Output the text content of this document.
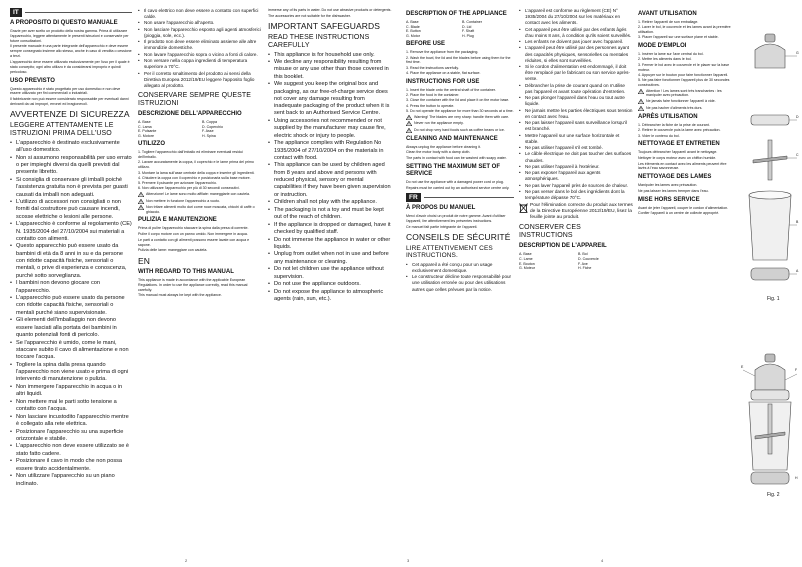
IT
A PROPOSITO DI QUESTO MANUALE

Grazie per aver scelto un prodotto della nostra gamma. Prima di utilizzare l'apparecchio, leggere attentamente le presenti istruzioni e conservarle per future consultazioni.

Il presente manuale è una parte integrante dell'apparecchio e deve essere sempre consegnato insieme allo stesso, anche in caso di vendita o cessione a terzi.

L'apparecchio deve essere utilizzato esclusivamente per l'uso per il quale è stato concepito; ogni altro utilizzo è da considerarsi improprio e quindi pericoloso.

USO PREVISTO

Questo apparecchio è stato progettato per uso domestico e non deve essere utilizzato per fini commerciali o industriali.

Il fabbricante non può essere considerato responsabile per eventuali danni derivanti da usi impropri, erronei ed irragionevoli.

AVVERTENZE DI SICUREZZA
LEGGERE ATTENTAMENTE LE ISTRUZIONI PRIMA DELL'USO
• L'apparecchio è destinato esclusivamente all'uso domestico.
• Non si assumono responsabilità per uso errato o per impieghi diversi da quelli previsti dal presente libretto.
• Si consiglia di conservare gli imballi poiché l'assistenza gratuita non è prevista per guasti causati da imballi non adeguati.
• L'utilizzo di accessori non consigliati o non forniti dal costruttore può causare incendi, scosse elettriche o lesioni alle persone.
• L'apparecchio è conforme al regolamento (CE) N. 1935/2004 del 27/10/2004 sui materiali a contatto con alimenti.
• Questo apparecchio può essere usato da bambini di età da 8 anni in su e da persone con ridotte capacità fisiche, sensoriali o mentali, o prive di esperienza e conoscenza, purché sotto sorveglianza.
• I bambini non devono giocare con l'apparecchio.
• L'apparecchio può essere usato da persone con ridotte capacità fisiche, sensoriali o mentali purché siano supervisionate.
• Gli elementi dell'imballaggio non devono essere lasciati alla portata dei bambini in quanto potenziali fonti di pericolo.
• Se l'apparecchio è umido, come le mani, staccare subito il cavo di alimentazione e non toccare l'acqua.
• Togliere la spina dalla presa quando l'apparecchio non viene usato e prima di ogni intervento di manutenzione o pulizia.
• Non immergere l'apparecchio in acqua o in altri liquidi.
• Non mettere mai le parti sotto tensione a contatto con l'acqua.
• Non lasciare incustodito l'apparecchio mentre è collegato alla rete elettrica.
• Posizionare l'apparecchio su una superficie orizzontale e stabile.
• L'apparecchio non deve essere utilizzato se è stato fatto cadere.
• Posizionare il cavo in modo che non possa essere tirato accidentalmente.
• Non utilizzare l'apparecchio su un piano inclinato.
• Il cavo elettrico non deve essere a contatto con superfici calde.
• Non usare l'apparecchio all'aperto.
• Non lasciare l'apparecchio esposto agli agenti atmosferici (pioggia, sole, ecc.).
• Il prodotto non deve essere eliminato assieme alle altre immondizie domestiche.
• Non lavare l'apparecchio sopra o vicino a fonti di calore.
• Non versare nella coppa ingredienti di temperatura superiore a 70°C.
• Per il corretto smaltimento del prodotto ai sensi della Direttiva Europea 2012/19/EU leggere l'apposito foglio allegato al prodotto.
CONSERVARE SEMPRE QUESTE ISTRUZIONI
DESCRIZIONE DELL'APPARECCHIO
A. Base	B. Coppa
C. Lama	D. Coperchio
E. Pulsante	F. Asse
G. Motore	H. Spina
UTILIZZO
1. Togliere l'apparecchio dall'imballo ed eliminare eventuali residui dell'imballo.
2. Lavare accuratamente la coppa, il coperchio e le lame prima del primo utilizzo.
3. Montare la lama sull'asse centrale della coppa e inserire gli ingredienti.
4. Chiudere la coppa con il coperchio e posizionarla sulla base motore.
5. Premere il pulsante per azionare l'apparecchio.
6. Non utilizzare l'apparecchio per più di 30 secondi consecutivi.
Attenzione! Le lame sono molto affilate: maneggiarle con cautela.
Non mettere in funzione l'apparecchio a vuoto.
Non tritare alimenti molto duri come noce moscata, chicchi di caffè o ghiaccio.
PULIZIA E MANUTENZIONE

Prima di pulire l'apparecchio staccare la spina dalla presa di corrente.

Pulire il corpo motore con un panno umido. Non immergere in acqua.

Le parti a contatto con gli alimenti possono essere lavate con acqua e sapone.

Pulizia delle lame: maneggiare con cautela.

EN
WITH REGARD TO THIS MANUAL

This appliance is made in accordance with the applicable European Regulations. In order to use the appliance correctly, read this manual carefully.

This manual must always be kept with the appliance.

immerse any of its parts in water. Do not use abrasive products or detergents.

The accessories are not suitable for the dishwasher.

IMPORTANT SAFEGUARDS
READ THESE INSTRUCTIONS CAREFULLY
• This appliance is for household use only.
• We decline any responsibility resulting from misuse or any use other than those covered in this booklet.
• We suggest you keep the original box and packaging, as our free-of-charge service does not cover any damage resulting from inadequate packaging of the product when it is sent back to an Authorised Service Centre.
• Using accessories not recommended or not supplied by the manufacturer may cause fire, electric shock or injury to people.
• The appliance complies with Regulation No 1935/2004 of 27/10/2004 on the materials in contact with food.
• This appliance can be used by children aged from 8 years and above and persons with reduced physical, sensory or mental capabilities if they have been given supervision or instruction.
• Children shall not play with the appliance.
• The packaging is not a toy and must be kept out of the reach of children.
• If the appliance is dropped or damaged, have it checked by qualified staff.
• Do not immerse the appliance in water or other liquids.
• Unplug from outlet when not in use and before any maintenance or cleaning.
• Do not let children use the appliance without supervision.
• Do not use the appliance outdoors.
• Do not expose the appliance to atmospheric agents (rain, sun, etc.).
2
DESCRIPTION OF THE APPLIANCE
A. Base	B. Container
C. Blade	D. Lid
E. Button	F. Shaft
G. Motor	H. Plug
BEFORE USE
1. Remove the appliance from the packaging.
2. Wash the bowl, the lid and the blades before using them for the first time.
3. Read the instructions carefully.
4. Place the appliance on a stable, flat surface.
INSTRUCTIONS FOR USE
1. Insert the blade onto the central shaft of the container.
2. Place the food in the container.
3. Close the container with the lid and place it on the motor base.
4. Press the button to operate.
5. Do not operate the appliance for more than 30 seconds at a time.
Warning! The blades are very sharp: handle them with care.
Never run the appliance empty.
Do not chop very hard foods such as coffee beans or ice.
CLEANING AND MAINTENANCE

Always unplug the appliance before cleaning it.

Clean the motor body with a damp cloth.

The parts in contact with food can be washed with soapy water.

SETTING THE MAXIMUM SET OF SERVICE

Do not use the appliance with a damaged power cord or plug.

Repairs must be carried out by an authorised service centre only.

FR
À PROPOS DU MANUEL

Merci d'avoir choisi un produit de notre gamme. Avant d'utiliser l'appareil, lire attentivement les présentes instructions.

Ce manuel fait partie intégrante de l'appareil.

CONSEILS DE SÉCURITÉ
LIRE ATTENTIVEMENT CES INSTRUCTIONS.
• Cet appareil a été conçu pour un usage exclusivement domestique.
• Le constructeur décline toute responsabilité pour une utilisation erronée ou pour des utilisations autres que celles prévues par la notice.
• L'appareil est conforme au règlement (CE) N° 1935/2004 du 27/10/2004 sur les matériaux en contact avec les aliments.
• Cet appareil peut être utilisé par des enfants âgés d'au moins 8 ans, à condition qu'ils soient surveillés.
• Les enfants ne doivent pas jouer avec l'appareil.
• L'appareil peut être utilisé par des personnes ayant des capacités physiques, sensorielles ou mentales réduites, si elles sont surveillées.
• Si le cordon d'alimentation est endommagé, il doit être remplacé par le fabricant ou son service après-vente.
• Débrancher la prise de courant quand on n'utilise pas l'appareil et avant toute opération d'entretien.
• Ne pas plonger l'appareil dans l'eau ou tout autre liquide.
• Ne jamais mettre les parties électriques sous tension en contact avec l'eau.
• Ne pas laisser l'appareil sans surveillance lorsqu'il est branché.
• Mettre l'appareil sur une surface horizontale et stable.
• Ne pas utiliser l'appareil s'il est tombé.
• Le câble électrique ne doit pas toucher des surfaces chaudes.
• Ne pas utiliser l'appareil à l'extérieur.
• Ne pas exposer l'appareil aux agents atmosphériques.
• Ne pas laver l'appareil près de sources de chaleur.
• Ne pas verser dans le bol des ingrédients dont la température dépasse 70°C.
Pour l'élimination correcte du produit aux termes de la Directive Européenne 2012/19/EU, lisez la feuille jointe au produit.
CONSERVER CES INSTRUCTIONS
DESCRIPTION DE L'APPAREIL
A. Base	B. Bol
C. Lame	D. Couvercle
E. Bouton	F. Axe
G. Moteur	H. Fiche
AVANT UTILISATION
1. Retirer l'appareil de son emballage.
2. Laver le bol, le couvercle et les lames avant la première utilisation.
3. Placer l'appareil sur une surface plane et stable.
MODE D'EMPLOI
1. Insérer la lame sur l'axe central du bol.
2. Mettre les aliments dans le bol.
3. Fermer le bol avec le couvercle et le placer sur la base moteur.
4. Appuyer sur le bouton pour faire fonctionner l'appareil.
5. Ne pas faire fonctionner l'appareil plus de 30 secondes consécutives.
Attention ! Les lames sont très tranchantes : les manipuler avec précaution.
Ne jamais faire fonctionner l'appareil à vide.
Ne pas hacher d'aliments très durs.
APRÈS UTILISATION
1. Débrancher la fiche de la prise de courant.
2. Retirer le couvercle puis la lame avec précaution.
3. Vider le contenu du bol.
NETTOYAGE ET ENTRETIEN

Toujours débrancher l'appareil avant le nettoyage.

Nettoyer le corps moteur avec un chiffon humide.

Les éléments en contact avec les aliments peuvent être lavés à l'eau savonneuse.

NETTOYAGE DES LAMES

Manipuler les lames avec précaution.

Ne pas laisser les lames tremper dans l'eau.

MISE HORS SERVICE

Avant de jeter l'appareil, couper le cordon d'alimentation.

Confier l'appareil à un centre de collecte approprié.

G
D
C
B
A
Fig. 1
E
F
H
Fig. 2
3	4
